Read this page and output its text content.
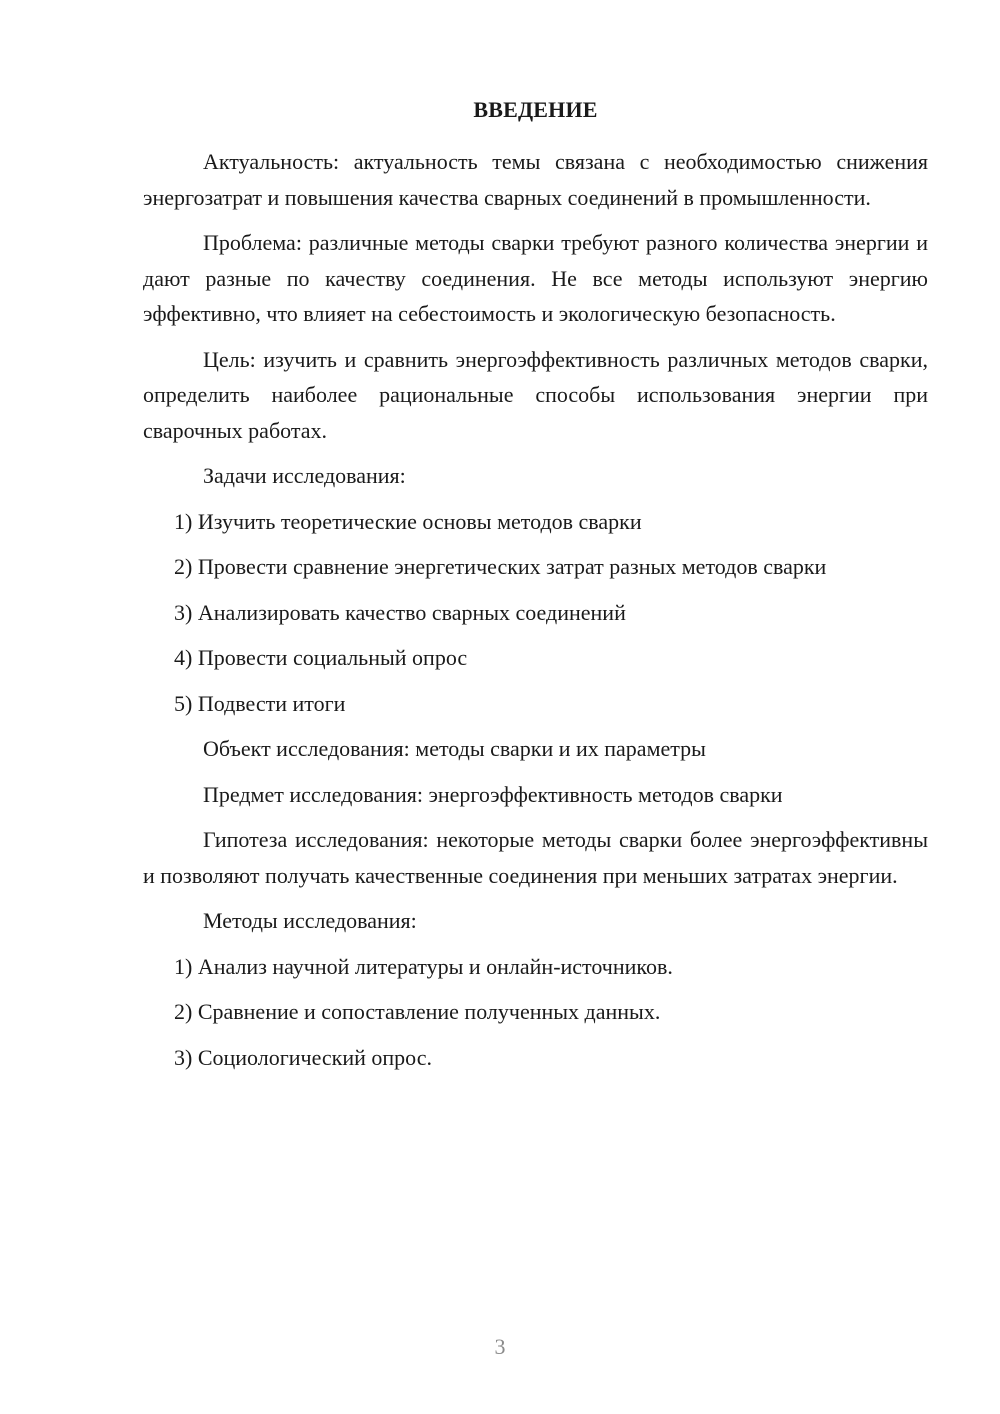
ВВЕДЕНИЕ

Актуальность: актуальность темы связана с необходимостью снижения энергозатрат и повышения качества сварных соединений в промышленности.

Проблема: различные методы сварки требуют разного количества энергии и дают разные по качеству соединения. Не все методы используют энергию эффективно, что влияет на себестоимость и экологическую безопасность.

Цель: изучить и сравнить энергоэффективность различных методов сварки, определить наиболее рациональные способы использования энергии при сварочных работах.

Задачи исследования:

1) Изучить теоретические основы методов сварки
2) Провести сравнение энергетических затрат разных методов сварки
3) Анализировать качество сварных соединений
4) Провести социальный опрос
5) Подвести итоги

Объект исследования: методы сварки и их параметры

Предмет исследования: энергоэффективность методов сварки

Гипотеза исследования: некоторые методы сварки более энергоэффективны и позволяют получать качественные соединения при меньших затратах энергии.

Методы исследования:

1) Анализ научной литературы и онлайн-источников.
2) Сравнение и сопоставление полученных данных.
3) Социологический опрос.
3
